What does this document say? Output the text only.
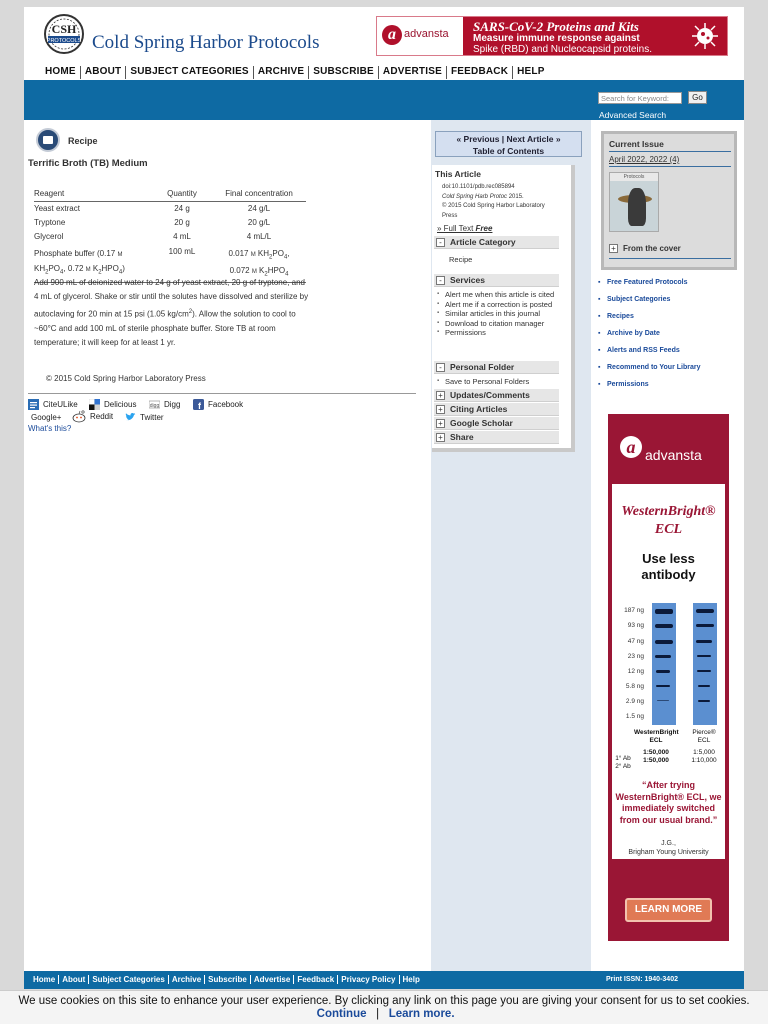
CSH
PROTOCOLS Cold Spring Harbor Protocols	a advansta SARS-CoV-2 Proteins and Kits
Measure immune response against
Spike (RBD) and Nucleocapsid proteins.
HOME ABOUT SUBJECT CATEGORIES ARCHIVE SUBSCRIBE ADVERTISE FEEDBACK HELP
Search for Keyword:
Go
Advanced Search
Recipe
Terrific Broth (TB) Medium
Reagent	Quantity	Final concentration
Yeast extract	24 g	24 g/L
Tryptone	20 g	20 g/L
Glycerol	4 mL	4 mL/L
Phosphate buffer (0.17 M
$KH_2PO_4$, 0.72 M $K_2HPO_4$)	100 mL	0.017 M $KH_2PO_4$,
0.072 M $K_2HPO_4$

Add 900 mL of deionized water to 24 g of yeast extract, 20 g of tryptone, and 4 mL of glycerol. Shake or stir until the solutes have dissolved and sterilize by autoclaving for 20 min at 15 psi (1.05 $kg/cm^2$). Allow the solution to cool to ~60°C and add 100 mL of sterile phosphate buffer. Store TB at room temperature; it will keep for at least 1 yr.

© 2015 Cold Spring Harbor Laboratory Press

CiteULike	Delicious	digg Digg f Facebook
Google+	Reddit	Twitter
What's this?
« Previous | Next Article »
Table of Contents
This Article
doi:10.1101/pdb.rec085894
Cold Spring Harb Protoc 2015.
© 2015 Cold Spring Harbor Laboratory Press
» Full Text Free
- Article Category
Recipe
- Services
▪ Alert me when this article is cited
▪ Alert me if a correction is posted
▪ Similar articles in this journal
▪ Download to citation manager
▪ Permissions
- Personal Folder
▪ Save to Personal Folders
+ Updates/Comments
+ Citing Articles
+ Google Scholar
+ Share
Current Issue
April 2022, 2022 (4)
Protocols
+ From the cover
▪ Free Featured Protocols
▪ Subject Categories
▪ Recipes
▪ Archive by Date
▪ Alerts and RSS Feeds
▪ Recommend to Your Library
▪ Permissions
a advansta
WesternBright®
ECL
Use less
antibody
187 ng
93 ng
47 ng
23 ng
12 ng
5.8 ng
2.9 ng
1.5 ng
1° Ab
2° Ab
WesternBright ECL
1:50,000
1:50,000
Pierce® ECL
1:5,000
1:10,000
“After trying WesternBright® ECL, we immediately switched from our usual brand.”
J.G.,
Brigham Young University
LEARN MORE
Home About Subject Categories Archive Subscribe Advertise Feedback Privacy Policy Help	Print ISSN: 1940-3402
We use cookies on this site to enhance your user experience. By clicking any link on this page you are giving your consent for us to set cookies.  Continue | Learn more.
